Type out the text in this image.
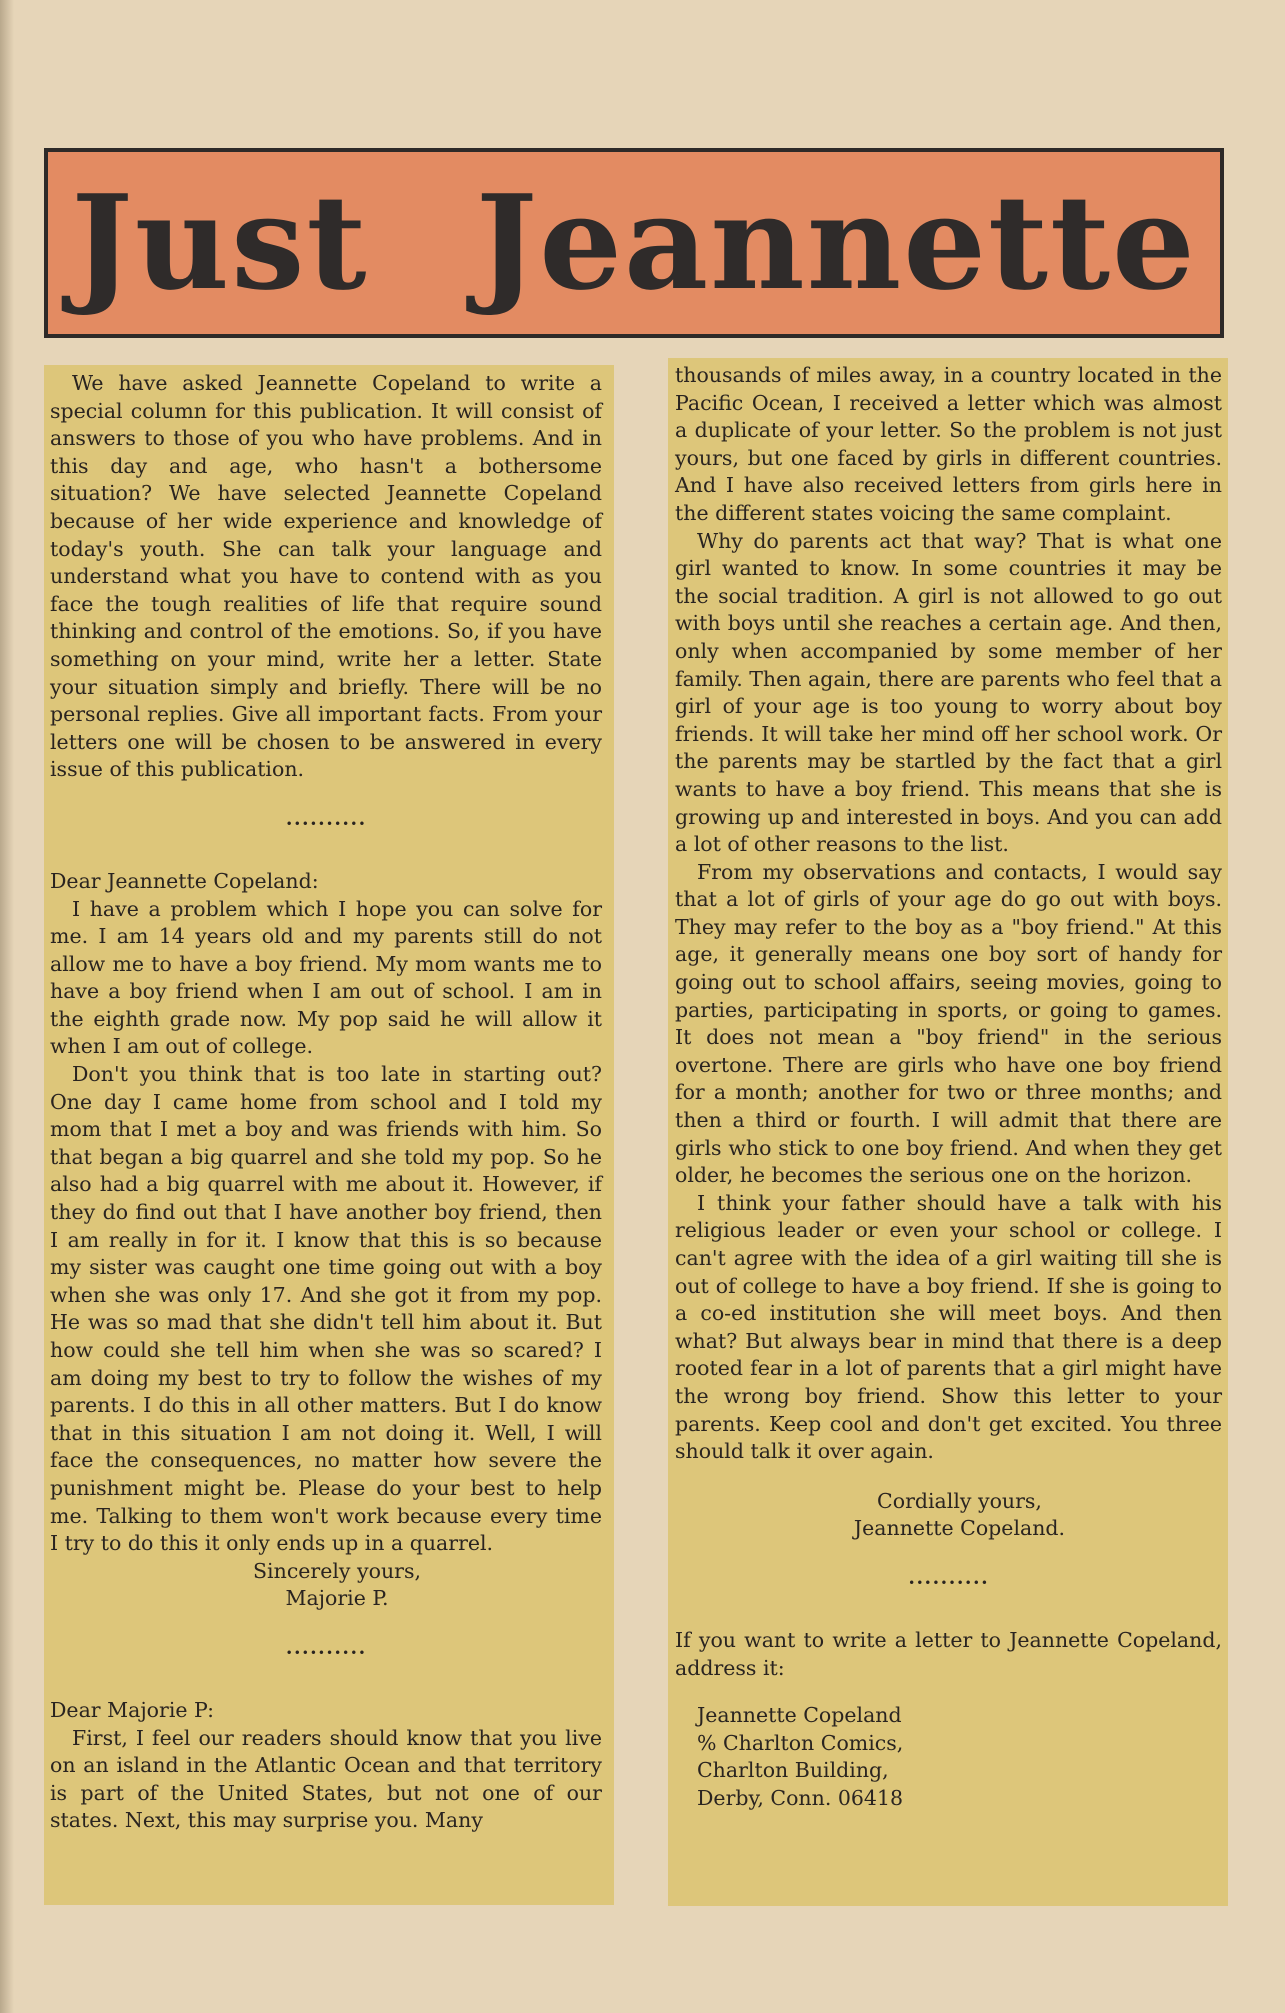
Just Jeannette

We have asked Jeannette Copeland to write a special column for this publication. It will consist of answers to those of you who have problems. And in this day and age, who hasn't a bothersome situation? We have selected Jeannette Copeland because of her wide experience and knowledge of today's youth. She can talk your language and understand what you have to contend with as you face the tough realities of life that require sound thinking and control of the emotions. So, if you have something on your mind, write her a letter. State your situation simply and briefly. There will be no personal replies. Give all important facts. From your letters one will be chosen to be answered in every issue of this publication.

••••••••••

Dear Jeannette Copeland:

I have a problem which I hope you can solve for me. I am 14 years old and my parents still do not allow me to have a boy friend. My mom wants me to have a boy friend when I am out of school. I am in the eighth grade now. My pop said he will allow it when I am out of college.

Don't you think that is too late in starting out? One day I came home from school and I told my mom that I met a boy and was friends with him. So that began a big quarrel and she told my pop. So he also had a big quarrel with me about it. However, if they do find out that I have another boy friend, then I am really in for it. I know that this is so because my sister was caught one time going out with a boy when she was only 17. And she got it from my pop. He was so mad that she didn't tell him about it. But how could she tell him when she was so scared? I am doing my best to try to follow the wishes of my parents. I do this in all other matters. But I do know that in this situation I am not doing it. Well, I will face the consequences, no matter how severe the punishment might be. Please do your best to help me. Talking to them won't work because every time I try to do this it only ends up in a quarrel.

Sincerely yours,

Majorie P.

••••••••••

Dear Majorie P:

First, I feel our readers should know that you live on an island in the Atlantic Ocean and that territory is part of the United States, but not one of our states. Next, this may surprise you. Many

thousands of miles away, in a country located in the Pacific Ocean, I received a letter which was almost a duplicate of your letter. So the problem is not just yours, but one faced by girls in different countries. And I have also received letters from girls here in the different states voicing the same complaint.

Why do parents act that way? That is what one girl wanted to know. In some countries it may be the social tradition. A girl is not allowed to go out with boys until she reaches a certain age. And then, only when accompanied by some member of her family. Then again, there are parents who feel that a girl of your age is too young to worry about boy friends. It will take her mind off her school work. Or the parents may be startled by the fact that a girl wants to have a boy friend. This means that she is growing up and interested in boys. And you can add a lot of other reasons to the list.

From my observations and contacts, I would say that a lot of girls of your age do go out with boys. They may refer to the boy as a "boy friend." At this age, it generally means one boy sort of handy for going out to school affairs, seeing movies, going to parties, participating in sports, or going to games. It does not mean a "boy friend" in the serious overtone. There are girls who have one boy friend for a month; another for two or three months; and then a third or fourth. I will admit that there are girls who stick to one boy friend. And when they get older, he becomes the serious one on the horizon.

I think your father should have a talk with his religious leader or even your school or college. I can't agree with the idea of a girl waiting till she is out of college to have a boy friend. If she is going to a co-ed institution she will meet boys. And then what? But always bear in mind that there is a deep rooted fear in a lot of parents that a girl might have the wrong boy friend. Show this letter to your parents. Keep cool and don't get excited. You three should talk it over again.

Cordially yours,

Jeannette Copeland.

••••••••••

If you want to write a letter to Jeannette Copeland, address it:

Jeannette Copeland

% Charlton Comics,

Charlton Building,

Derby, Conn. 06418
